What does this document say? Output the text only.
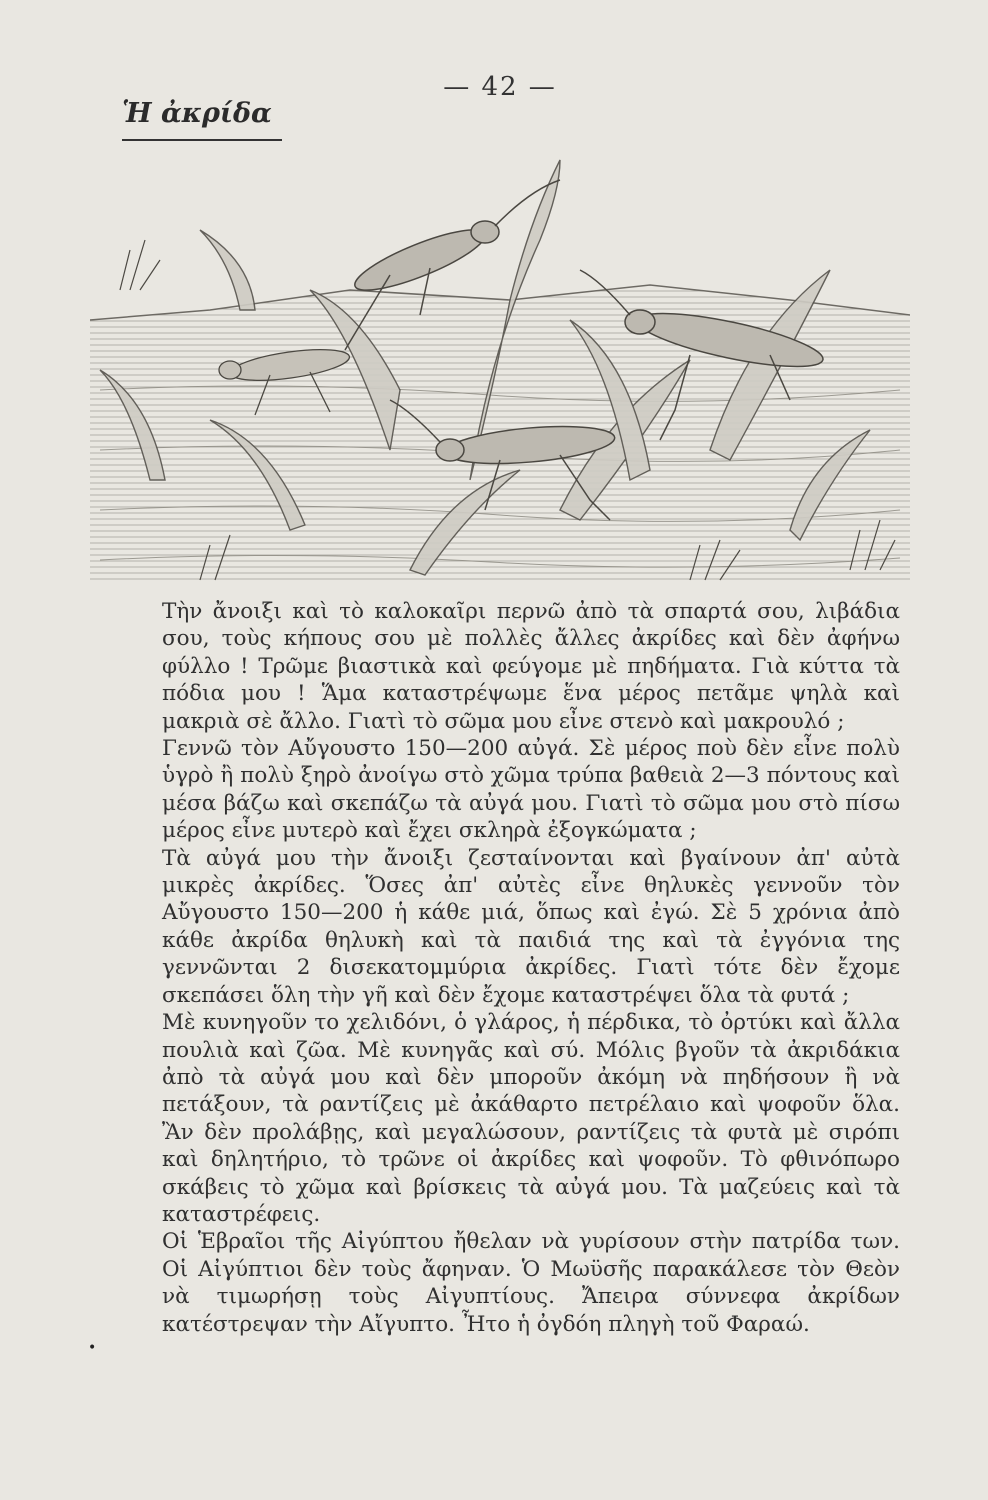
— 42 —
Ἡ ἀκρίδα

Τὴν ἄνοιξι καὶ τὸ καλοκαῖρι περνῶ ἀπὸ τὰ σπαρτά σου, λιβάδια σου, τοὺς κήπους σου μὲ πολλὲς ἄλλες ἀκρίδες καὶ δὲν ἀφήνω φύλλο ! Τρῶμε βιαστικὰ καὶ φεύγομε μὲ πηδήματα. Γιὰ κύττα τὰ πόδια μου ! Ἅμα καταστρέψωμε ἕνα μέρος πετᾶμε ψηλὰ καὶ μακριὰ σὲ ἄλλο. Γιατὶ τὸ σῶμα μου εἶνε στενὸ καὶ μακρουλό ;

Γεννῶ τὸν Αὔγουστο 150—200 αὐγά. Σὲ μέρος ποὺ δὲν εἶνε πολὺ ὑγρὸ ἢ πολὺ ξηρὸ ἀνοίγω στὸ χῶμα τρύπα βαθειὰ 2—3 πόντους καὶ μέσα βάζω καὶ σκεπάζω τὰ αὐγά μου. Γιατὶ τὸ σῶμα μου στὸ πίσω μέρος εἶνε μυτερὸ καὶ ἔχει σκληρὰ ἐξογκώματα ;

Τὰ αὐγά μου τὴν ἄνοιξι ζεσταίνονται καὶ βγαίνουν ἀπ' αὐτὰ μικρὲς ἀκρίδες. Ὅσες ἀπ' αὐτὲς εἶνε θηλυκὲς γεννοῦν τὸν Αὔγουστο 150—200 ἡ κάθε μιά, ὅπως καὶ ἐγώ. Σὲ 5 χρόνια ἀπὸ κάθε ἀκρίδα θηλυκὴ καὶ τὰ παιδιά της καὶ τὰ ἐγγόνια της γεννῶνται 2 δισεκατομμύρια ἀκρίδες. Γιατὶ τότε δὲν ἔχομε σκεπάσει ὅλη τὴν γῆ καὶ δὲν ἔχομε καταστρέψει ὅλα τὰ φυτά ;

Μὲ κυνηγοῦν το χελιδόνι, ὁ γλάρος, ἡ πέρδικα, τὸ ὀρτύκι καὶ ἄλλα πουλιὰ καὶ ζῶα. Μὲ κυνηγᾶς καὶ σύ. Μόλις βγοῦν τὰ ἀκριδάκια ἀπὸ τὰ αὐγά μου καὶ δὲν μποροῦν ἀκόμη νὰ πηδήσουν ἢ νὰ πετάξουν, τὰ ραντίζεις μὲ ἀκάθαρτο πετρέλαιο καὶ ψοφοῦν ὅλα. Ἂν δὲν προλάβῃς, καὶ μεγαλώσουν, ραντίζεις τὰ φυτὰ μὲ σιρόπι καὶ δηλητήριο, τὸ τρῶνε οἱ ἀκρίδες καὶ ψοφοῦν. Τὸ φθινόπωρο σκάβεις τὸ χῶμα καὶ βρίσκεις τὰ αὐγά μου. Τὰ μαζεύεις καὶ τὰ καταστρέφεις.

Οἱ Ἑβραῖοι τῆς Αἰγύπτου ἤθελαν νὰ γυρίσουν στὴν πατρίδα των. Οἱ Αἰγύπτιοι δὲν τοὺς ἄφηναν. Ὁ Μωϋσῆς παρακάλεσε τὸν Θεὸν νὰ τιμωρήσῃ τοὺς Αἰγυπτίους. Ἄπειρα σύννεφα ἀκρίδων κατέστρεψαν τὴν Αἴγυπτο. Ἦτο ἡ ὀγδόη πληγὴ τοῦ Φαραώ.

•
